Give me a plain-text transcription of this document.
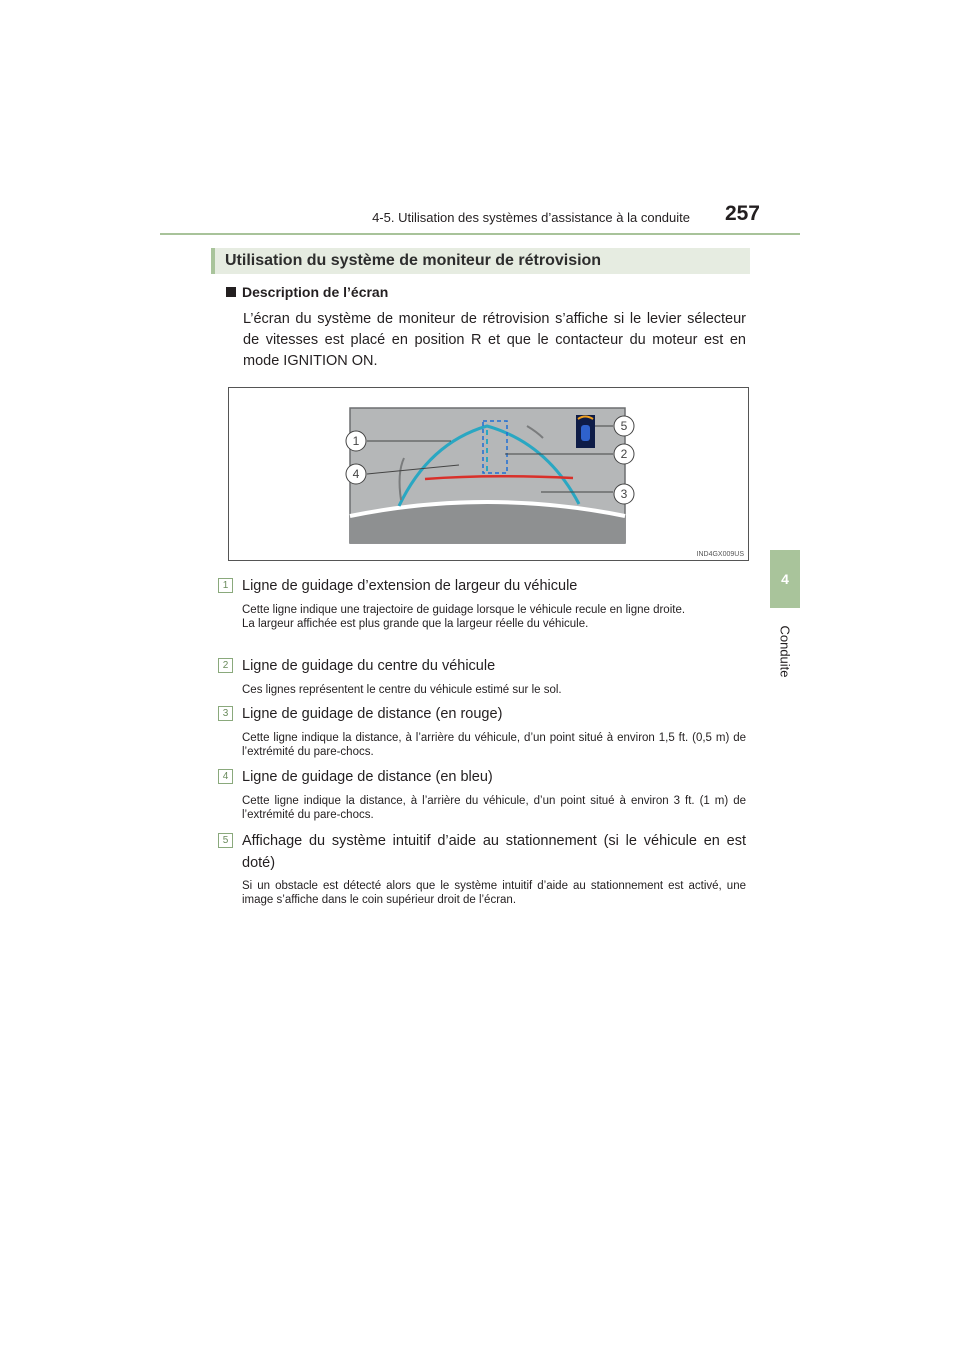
4-5. Utilisation des systèmes d’assistance à la conduite	257
4
Conduite
Utilisation du système de moniteur de rétrovision
Description de l’écran
L’écran du système de moniteur de rétrovision s’affiche si le levier sélecteur de vitesses est placé en position R et que le contacteur du moteur est en mode IGNITION ON.
1
4
5
2
3
IND4GX009US
1 Ligne de guidage d’extension de largeur du véhicule
Cette ligne indique une trajectoire de guidage lorsque le véhicule recule en ligne droite.
La largeur affichée est plus grande que la largeur réelle du véhicule.
2 Ligne de guidage du centre du véhicule
Ces lignes représentent le centre du véhicule estimé sur le sol.
3 Ligne de guidage de distance (en rouge)
Cette ligne indique la distance, à l’arrière du véhicule, d’un point situé à environ 1,5 ft. (0,5 m) de l’extrémité du pare-chocs.
4 Ligne de guidage de distance (en bleu)
Cette ligne indique la distance, à l’arrière du véhicule, d’un point situé à environ 3 ft. (1 m) de l’extrémité du pare-chocs.
5 Affichage du système intuitif d’aide au stationnement (si le véhicule en est doté)
Si un obstacle est détecté alors que le système intuitif d’aide au stationnement est activé, une image s’affiche dans le coin supérieur droit de l’écran.
